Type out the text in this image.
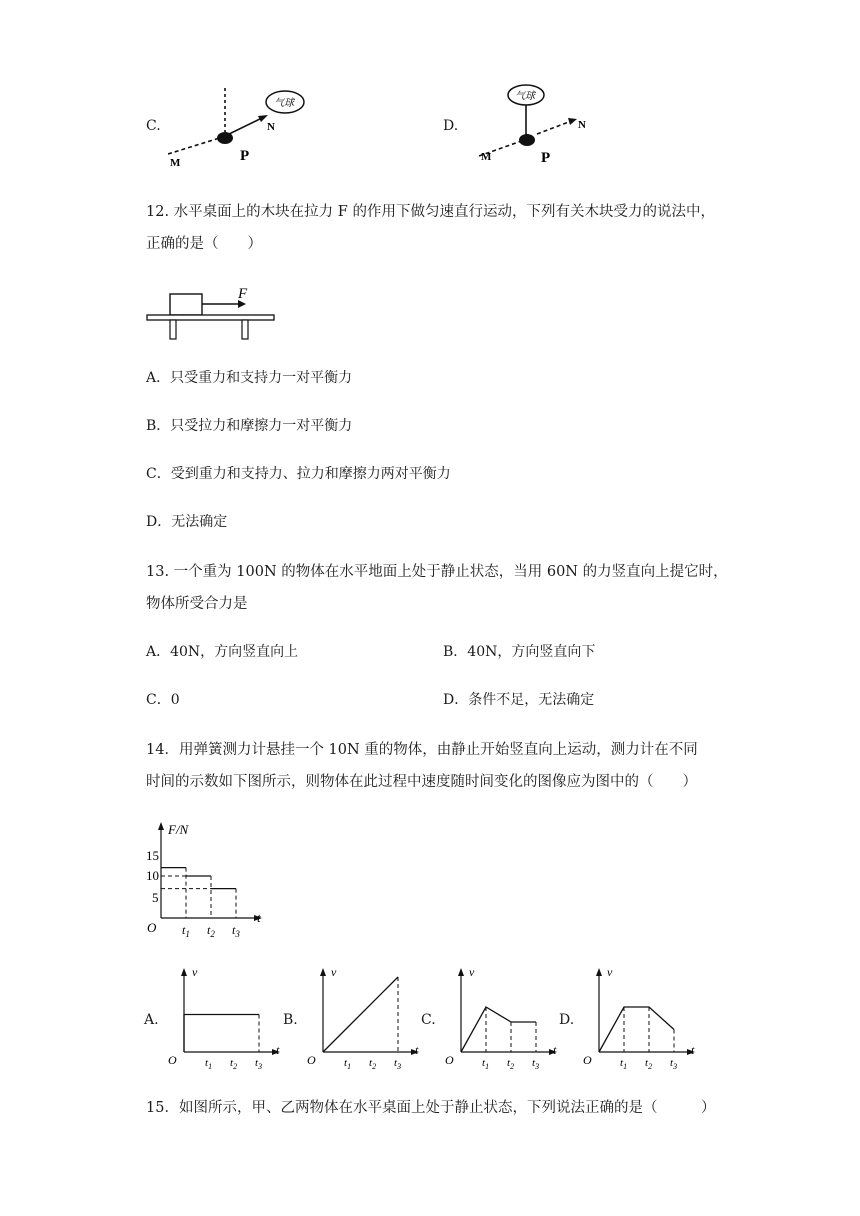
C.
气球
N
M	P
D.
气球
N
M	P
12. 水平桌面上的木块在拉力 F 的作用下做匀速直行运动，下列有关木块受力的说法中，
正确的是（　　）
F
A．只受重力和支持力一对平衡力
B．只受拉力和摩擦力一对平衡力
C．受到重力和支持力、拉力和摩擦力两对平衡力
D．无法确定
13. 一个重为 100N 的物体在水平地面上处于静止状态，当用 60N 的力竖直向上提它时，
物体所受合力是
A．40N，方向竖直向上	B．40N，方向竖直向下
C．0	D．条件不足，无法确定
14．用弹簧测力计悬挂一个 10N 重的物体，由静止开始竖直向上运动，测力计在不同
时间的示数如下图所示，则物体在此过程中速度随时间变化的图像应为图中的（　　）
F/N
t
O
15
10
5
$t_1$ $t_2$ $t_3$
A.
v
t
O	$t_1$ $t_2$ $t_3$
B.
v
t
O	$t_1$ $t_2$ $t_3$
C.
v
t
O	$t_1$ $t_2$ $t_3$
D.
v
t
O	$t_1$ $t_2$ $t_3$
15．如图所示，甲、乙两物体在水平桌面上处于静止状态，下列说法正确的是（　　　）
